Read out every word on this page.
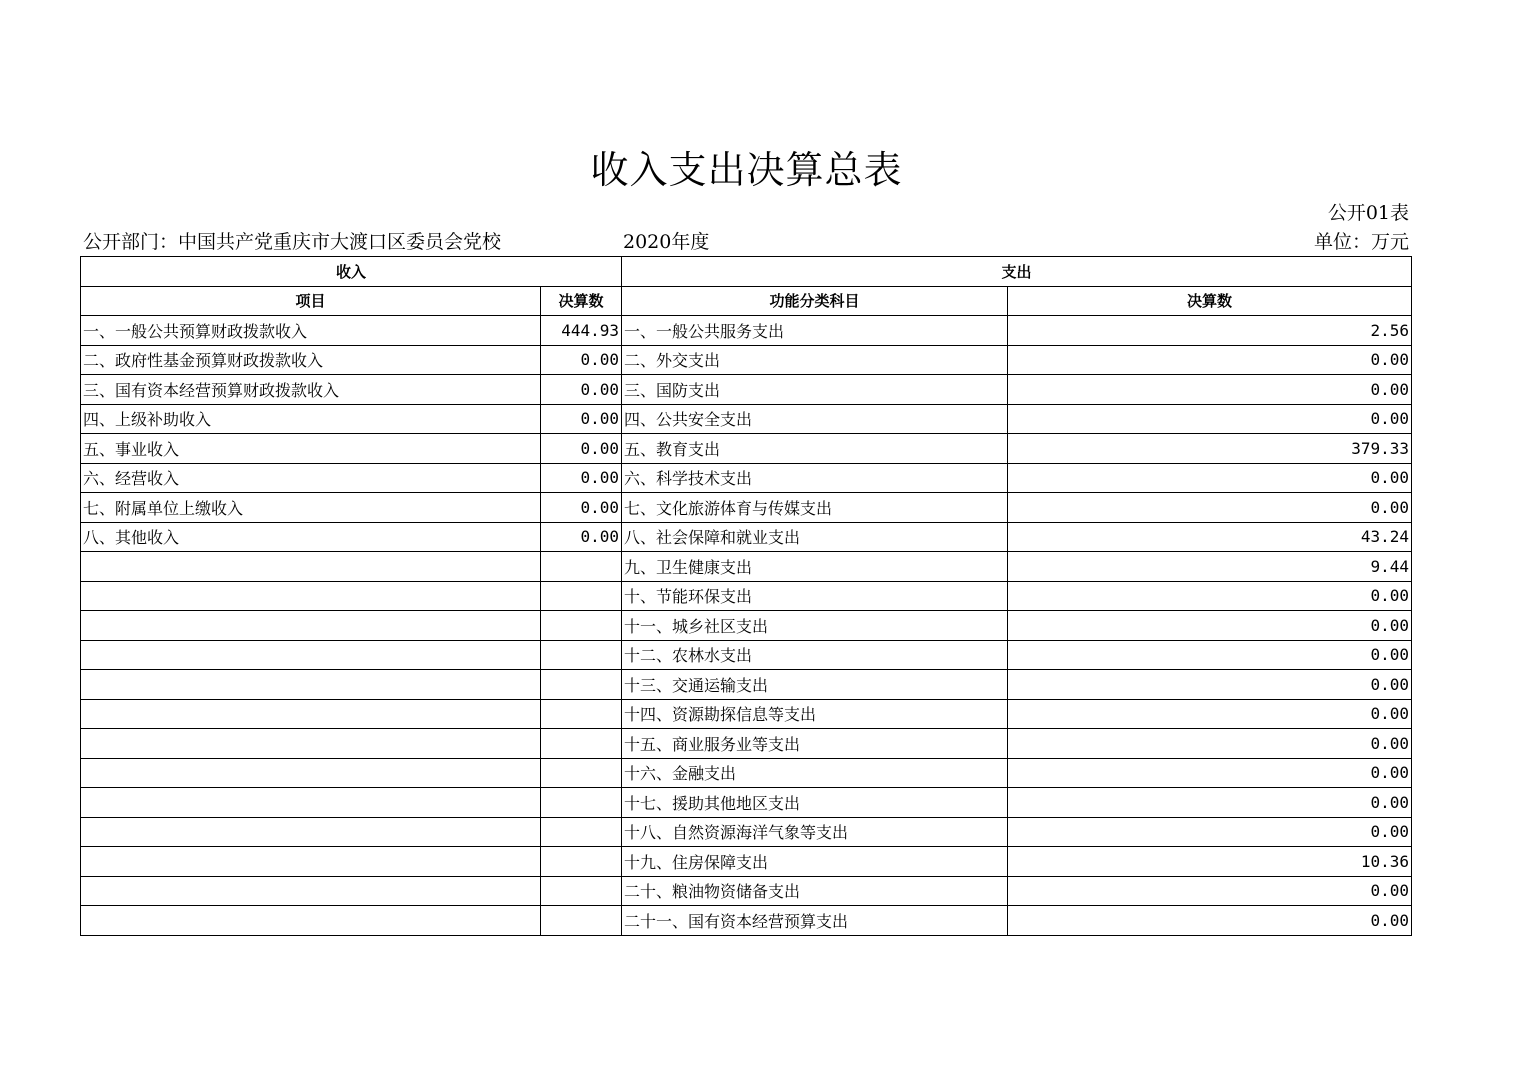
收入支出决算总表
公开01表
公开部门：中国共产党重庆市大渡口区委员会党校	2020年度	单位：万元
收入		支出	
项目	决算数	功能分类科目	决算数
一、一般公共预算财政拨款收入	444.93	一、一般公共服务支出	2.56
二、政府性基金预算财政拨款收入	0.00	二、外交支出	0.00
三、国有资本经营预算财政拨款收入	0.00	三、国防支出	0.00
四、上级补助收入	0.00	四、公共安全支出	0.00
五、事业收入	0.00	五、教育支出	379.33
六、经营收入	0.00	六、科学技术支出	0.00
七、附属单位上缴收入	0.00	七、文化旅游体育与传媒支出	0.00
八、其他收入	0.00	八、社会保障和就业支出	43.24
		九、卫生健康支出	9.44
		十、节能环保支出	0.00
		十一、城乡社区支出	0.00
		十二、农林水支出	0.00
		十三、交通运输支出	0.00
		十四、资源勘探信息等支出	0.00
		十五、商业服务业等支出	0.00
		十六、金融支出	0.00
		十七、援助其他地区支出	0.00
		十八、自然资源海洋气象等支出	0.00
		十九、住房保障支出	10.36
		二十、粮油物资储备支出	0.00
		二十一、国有资本经营预算支出	0.00
